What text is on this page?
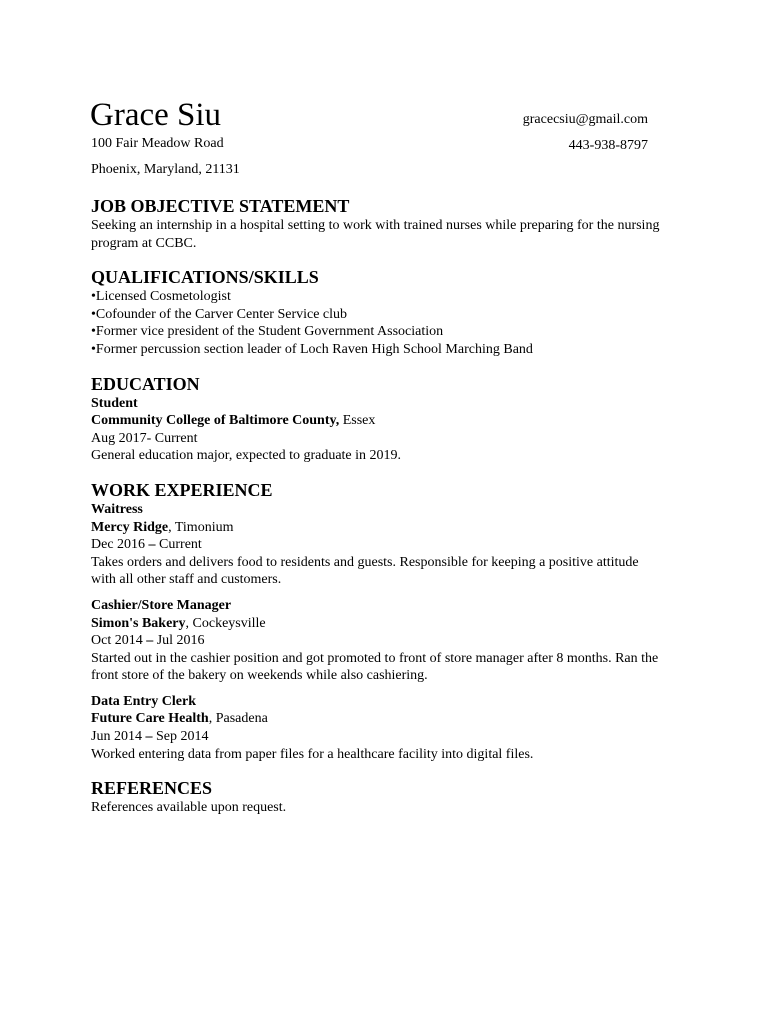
Grace Siu
100 Fair Meadow Road
Phoenix, Maryland, 21131
gracecsiu@gmail.com
443-938-8797
JOB OBJECTIVE STATEMENT
Seeking an internship in a hospital setting to work with trained nurses while preparing for the nursing program at CCBC.
QUALIFICATIONS/SKILLS
• Licensed Cosmetologist
• Cofounder of the Carver Center Service club
• Former vice president of the Student Government Association
• Former percussion section leader of Loch Raven High School Marching Band
EDUCATION
Student
Community College of Baltimore County, Essex
Aug 2017- Current
General education major, expected to graduate in 2019.
WORK EXPERIENCE
Waitress
Mercy Ridge, Timonium
Dec 2016 – Current
Takes orders and delivers food to residents and guests. Responsible for keeping a positive attitude with all other staff and customers.
Cashier/Store Manager
Simon's Bakery, Cockeysville
Oct 2014 – Jul 2016
Started out in the cashier position and got promoted to front of store manager after 8 months. Ran the front store of the bakery on weekends while also cashiering.
Data Entry Clerk
Future Care Health, Pasadena
Jun 2014 – Sep 2014
Worked entering data from paper files for a healthcare facility into digital files.
REFERENCES
References available upon request.
